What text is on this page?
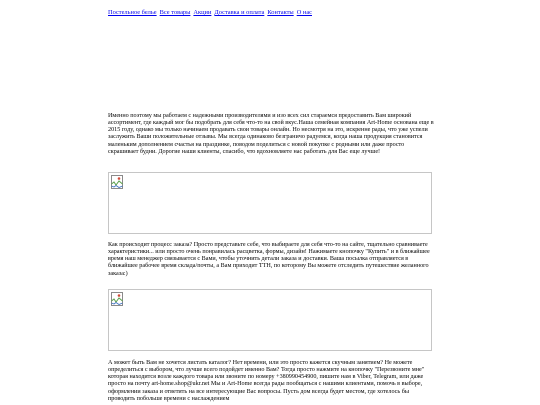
Постельное белье Все товары Акции Доставка и оплата Контакты О нас

Именно поэтому мы работаем с надежными производителями и изо всех сил стараемся предоставить Вам широкий ассортимент, где каждый мог бы подобрать для себя что-то на свой вкус.Наша семейная компания Art-Home основана еще в 2015 году, однако мы только начинаем продавать свои товары онлайн. Но несмотря на это, искренне рады, что уже успели заслужить Ваши положительные отзывы. Мы всегда одинаково безграничо радуемся, когда наша продукция становится маленьким дополнением счастья на праздинке, поводом поделиться с новой покупке с родными или даже просто скрашивает будни. Дорогие наши клиенты, спасибо, что вдохновляете нас работать для Вас еще лучше!

Как происходит процесс заказа? Просто представьте себе, что выбираете для себя что-то на сайте, тщательно сравниваете характеристики... или просто очень понравилась расцветка, формы, дизайн! Нажимаете кнопочку "Купить" и в ближайшее время наш менеджер связывается с Вами, чтобы уточнить детали заказа и доставки. Ваша посылка отправляется в ближайшее рабочее время склада/почты, а Вам приходит ТТН, по которому Вы можете отследить путешествие желанного заказа:)

А может быть Вам не хочется листать каталог? Нет времени, или это просто кажется скучным занятием? Не можете определиться с выбором, что лучше всего подойдет именно Вам? Тогда просто нажмите на кнопочку "Перезвоните мне" которая находится возле каждого товара или звоните по номеру +380990454900, пишите нам в Viber, Telegram, или даже просто на почту art-home.shop@ukr.net Мы и Art-Home всегда рады пообщаться с нашими клиентами, помочь в выборе, оформлении заказа и ответить на все интересующие Вас вопросы. Пусть дом всегда будет местом, где хотелось бы проводить побольше времени с наслаждением
